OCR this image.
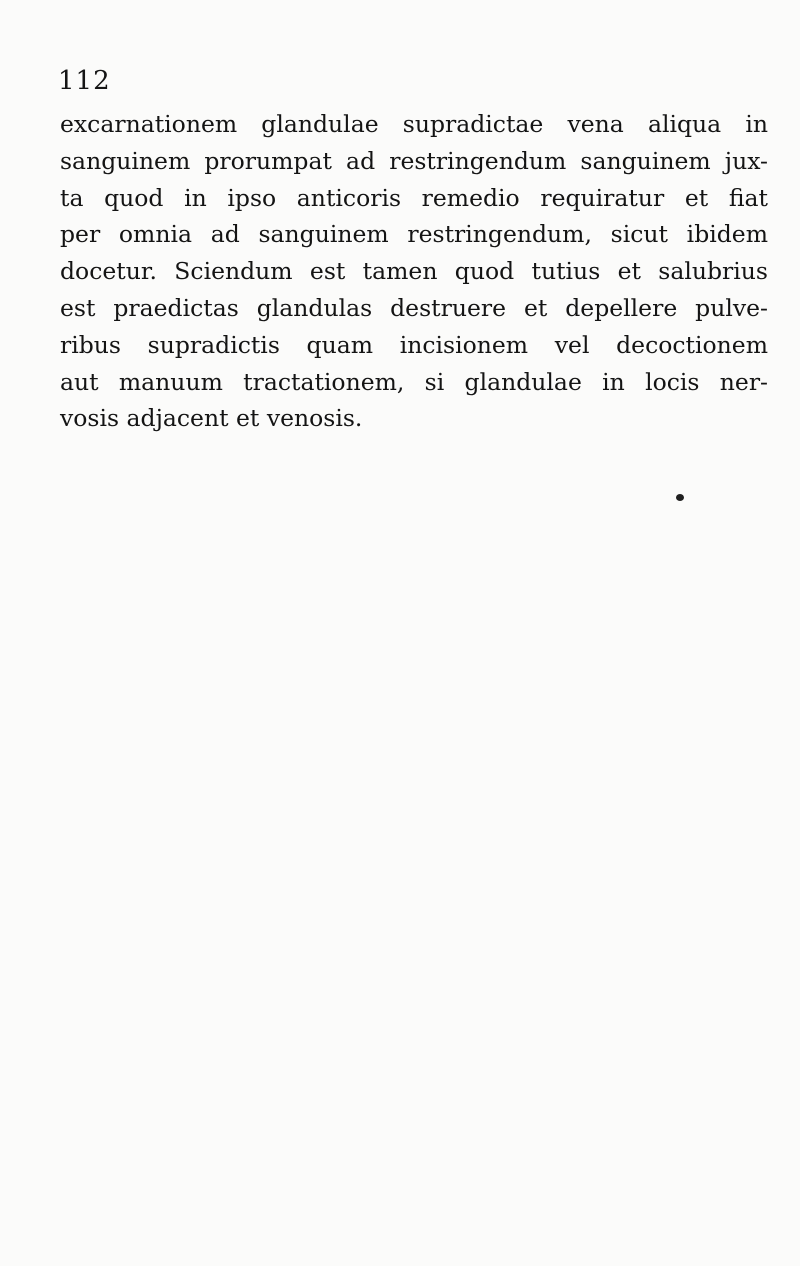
112
excarnationem glandulae supradictae vena aliqua in
sanguinem prorumpat ad restringendum sanguinem jux-
ta quod in ipso anticoris remedio requiratur et fiat
per omnia ad sanguinem restringendum, sicut ibidem
docetur. Sciendum est tamen quod tutius et salubrius
est praedictas glandulas destruere et depellere pulve-
ribus supradictis quam incisionem vel decoctionem
aut manuum tractationem, si glandulae in locis ner-
vosis adjacent et venosis.
